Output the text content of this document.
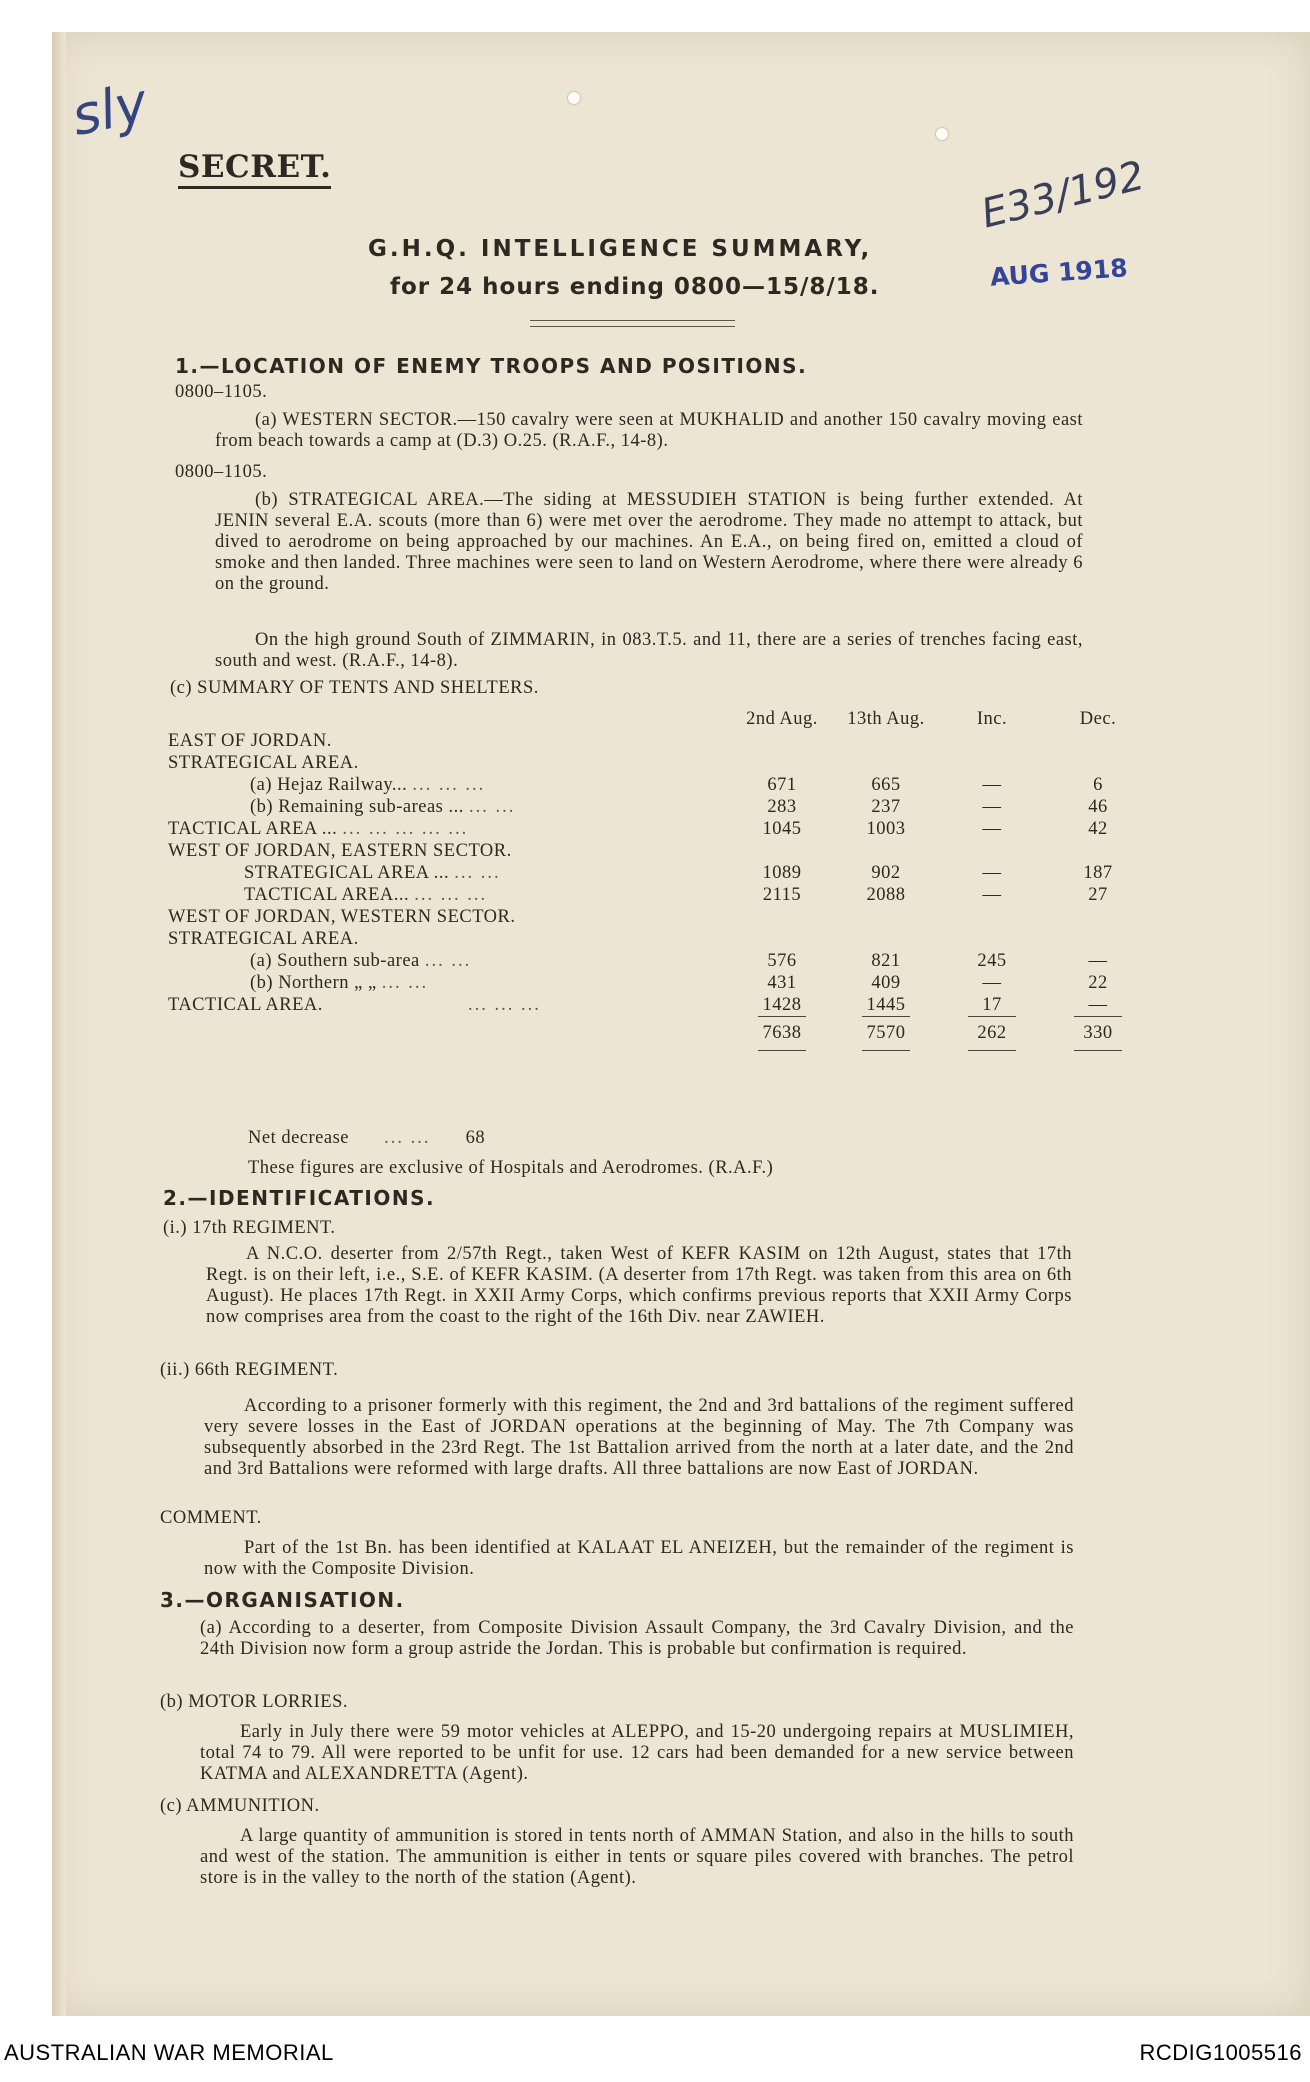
sly
E33/192
AUG 1918
SECRET.
G.H.Q. INTELLIGENCE SUMMARY,
for 24 hours ending 0800—15/8/18.
1.—LOCATION OF ENEMY TROOPS AND POSITIONS.
0800–1105.
(a) WESTERN SECTOR.—150 cavalry were seen at MUKHALID and another 150 cavalry moving east from beach towards a camp at (D.3) O.25. (R.A.F., 14-8).
0800–1105.
(b) STRATEGICAL AREA.—The siding at MESSUDIEH STATION is being further extended. At JENIN several E.A. scouts (more than 6) were met over the aerodrome. They made no attempt to attack, but dived to aerodrome on being approached by our machines. An E.A., on being fired on, emitted a cloud of smoke and then landed. Three machines were seen to land on Western Aerodrome, where there were already 6 on the ground.
On the high ground South of ZIMMARIN, in 083.T.5. and 11, there are a series of trenches facing east, south and west. (R.A.F., 14-8).
(c) SUMMARY OF TENTS AND SHELTERS.
	2nd Aug.	13th Aug.	Inc.	Dec.
EAST OF JORDAN.				
STRATEGICAL AREA.				
(a) Hejaz Railway... ... ... ...	671	665	—	6
(b) Remaining sub-areas ... ... ...	283	237	—	46
TACTICAL AREA ... ... ... ... ... ...	1045	1003	—	42
WEST OF JORDAN, EASTERN SECTOR.				
STRATEGICAL AREA ... ... ...	1089	902	—	187
TACTICAL AREA... ... ... ...	2115	2088	—	27
WEST OF JORDAN, WESTERN SECTOR.				
STRATEGICAL AREA.				
(a) Southern sub-area ... ...	576	821	245	—
(b) Northern „ „ ... ...	431	409	—	22
TACTICAL AREA. ... ... ...	1428	1445	17	—
	7638	7570	262	330
Net decrease ... ... 68
These figures are exclusive of Hospitals and Aerodromes. (R.A.F.)
2.—IDENTIFICATIONS.
(i.) 17th REGIMENT.
A N.C.O. deserter from 2/57th Regt., taken West of KEFR KASIM on 12th August, states that 17th Regt. is on their left, i.e., S.E. of KEFR KASIM. (A deserter from 17th Regt. was taken from this area on 6th August). He places 17th Regt. in XXII Army Corps, which confirms previous reports that XXII Army Corps now comprises area from the coast to the right of the 16th Div. near ZAWIEH.
(ii.) 66th REGIMENT.
According to a prisoner formerly with this regiment, the 2nd and 3rd battalions of the regiment suffered very severe losses in the East of JORDAN operations at the beginning of May. The 7th Company was subsequently absorbed in the 23rd Regt. The 1st Battalion arrived from the north at a later date, and the 2nd and 3rd Battalions were reformed with large drafts. All three battalions are now East of JORDAN.
COMMENT.
Part of the 1st Bn. has been identified at KALAAT EL ANEIZEH, but the remainder of the regiment is now with the Composite Division.
3.—ORGANISATION.
(a) According to a deserter, from Composite Division Assault Company, the 3rd Cavalry Division, and the 24th Division now form a group astride the Jordan. This is probable but confirmation is required.
(b) MOTOR LORRIES.
Early in July there were 59 motor vehicles at ALEPPO, and 15-20 undergoing repairs at MUSLIMIEH, total 74 to 79. All were reported to be unfit for use. 12 cars had been demanded for a new service between KATMA and ALEXANDRETTA (Agent).
(c) AMMUNITION.
A large quantity of ammunition is stored in tents north of AMMAN Station, and also in the hills to south and west of the station. The ammunition is either in tents or square piles covered with branches. The petrol store is in the valley to the north of the station (Agent).
AUSTRALIAN WAR MEMORIAL	RCDIG1005516
